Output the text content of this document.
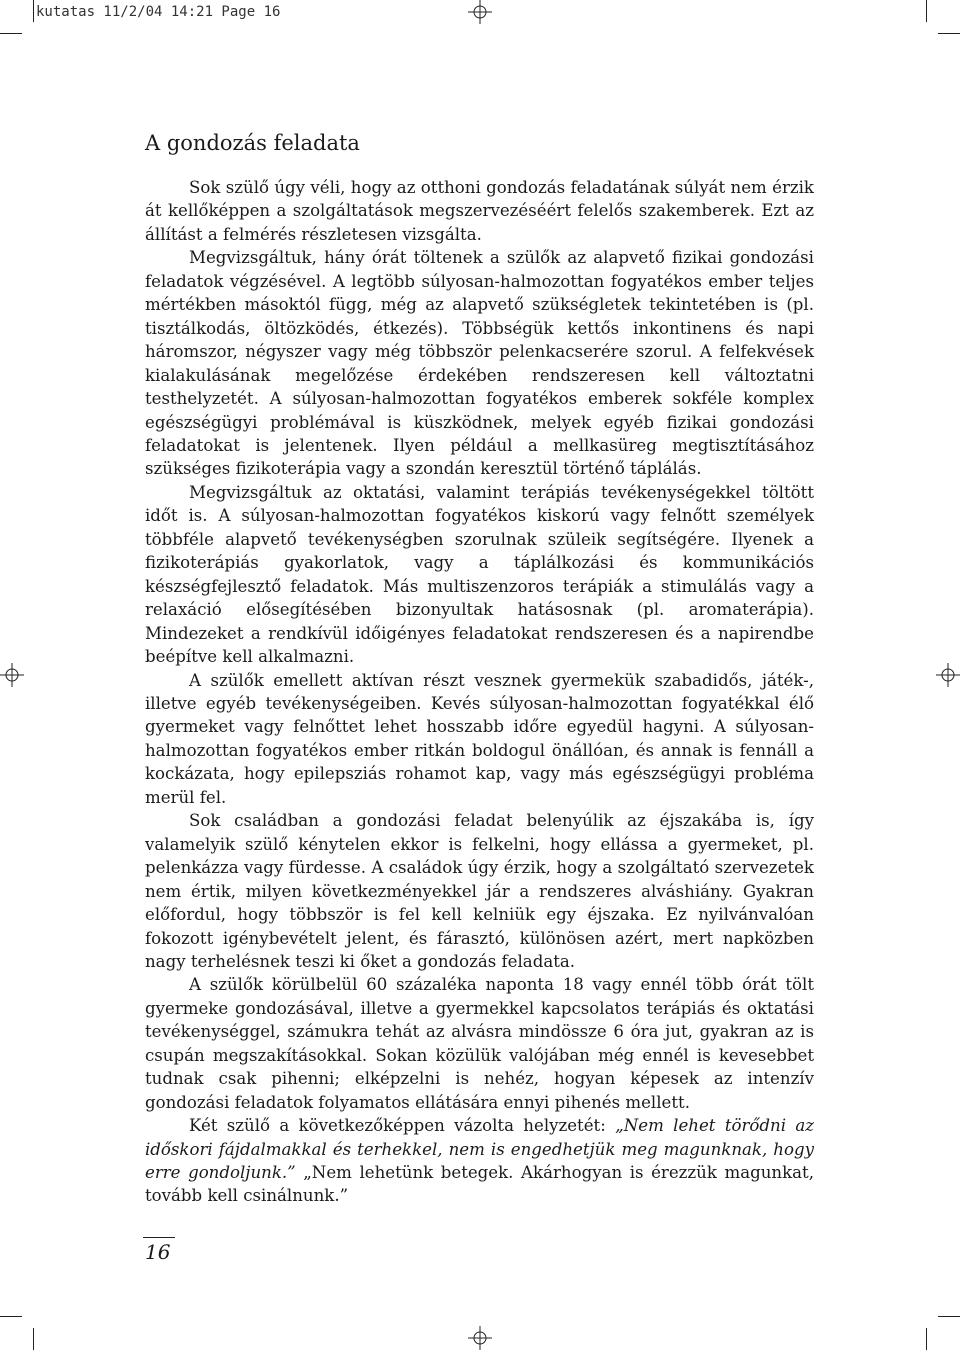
kutatas 11/2/04 14:21 Page 16
A gondozás feladata

Sok szülő úgy véli, hogy az otthoni gondozás feladatának súlyát nem érzik át kellőképpen a szolgáltatások megszervezéséért felelős szakemberek. Ezt az állítást a felmérés részletesen vizsgálta.

Megvizsgáltuk, hány órát töltenek a szülők az alapvető fizikai gondozási feladatok végzésével. A legtöbb súlyosan-halmozottan fogyatékos ember teljes mértékben másoktól függ, még az alapvető szükségletek tekintetében is (pl. tisztálkodás, öltözködés, étkezés). Többségük kettős inkontinens és napi háromszor, négyszer vagy még többször pelenkacserére szorul. A felfekvések kialakulásának megelőzése érdekében rendszeresen kell változtatni testhelyzetét. A súlyosan-halmozottan fogyatékos emberek sokféle komplex egészségügyi problémával is küszködnek, melyek egyéb fizikai gondozási feladatokat is jelentenek. Ilyen például a mellkasüreg megtisztításához szükséges fizikoterápia vagy a szondán keresztül történő táplálás.

Megvizsgáltuk az oktatási, valamint terápiás tevékenységekkel töltött időt is. A súlyosan-halmozottan fogyatékos kiskorú vagy felnőtt személyek többféle alapvető tevékenységben szorulnak szüleik segítségére. Ilyenek a fizikoterápiás gyakorlatok, vagy a táplálkozási és kommunikációs készségfejlesztő feladatok. Más multiszenzoros terápiák a stimulálás vagy a relaxáció elősegítésében bizonyultak hatásosnak (pl. aromaterápia). Mindezeket a rendkívül időigényes feladatokat rendszeresen és a napirendbe beépítve kell alkalmazni.

A szülők emellett aktívan részt vesznek gyermekük szabadidős, játék-, illetve egyéb tevékenységeiben. Kevés súlyosan-halmozottan fogyatékkal élő gyermeket vagy felnőttet lehet hosszabb időre egyedül hagyni. A súlyosan-halmozottan fogyatékos ember ritkán boldogul önállóan, és annak is fennáll a kockázata, hogy epilepsziás rohamot kap, vagy más egészségügyi probléma merül fel.

Sok családban a gondozási feladat belenyúlik az éjszakába is, így valamelyik szülő kénytelen ekkor is felkelni, hogy ellássa a gyermeket, pl. pelenkázza vagy fürdesse. A családok úgy érzik, hogy a szolgáltató szervezetek nem értik, milyen következményekkel jár a rendszeres alváshiány. Gyakran előfordul, hogy többször is fel kell kelniük egy éjszaka. Ez nyilvánvalóan fokozott igénybevételt jelent, és fárasztó, különösen azért, mert napközben nagy terhelésnek teszi ki őket a gondozás feladata.

A szülők körülbelül 60 százaléka naponta 18 vagy ennél több órát tölt gyermeke gondozásával, illetve a gyermekkel kapcsolatos terápiás és oktatási tevékenységgel, számukra tehát az alvásra mindössze 6 óra jut, gyakran az is csupán megszakításokkal. Sokan közülük valójában még ennél is kevesebbet tudnak csak pihenni; elképzelni is nehéz, hogyan képesek az intenzív gondozási feladatok folyamatos ellátására ennyi pihenés mellett.

Két szülő a következőképpen vázolta helyzetét: „Nem lehet törődni az időskori fájdalmakkal és terhekkel, nem is engedhetjük meg magunknak, hogy erre gondoljunk.” „Nem lehetünk betegek. Akárhogyan is érezzük magunkat, tovább kell csinálnunk.”

16
